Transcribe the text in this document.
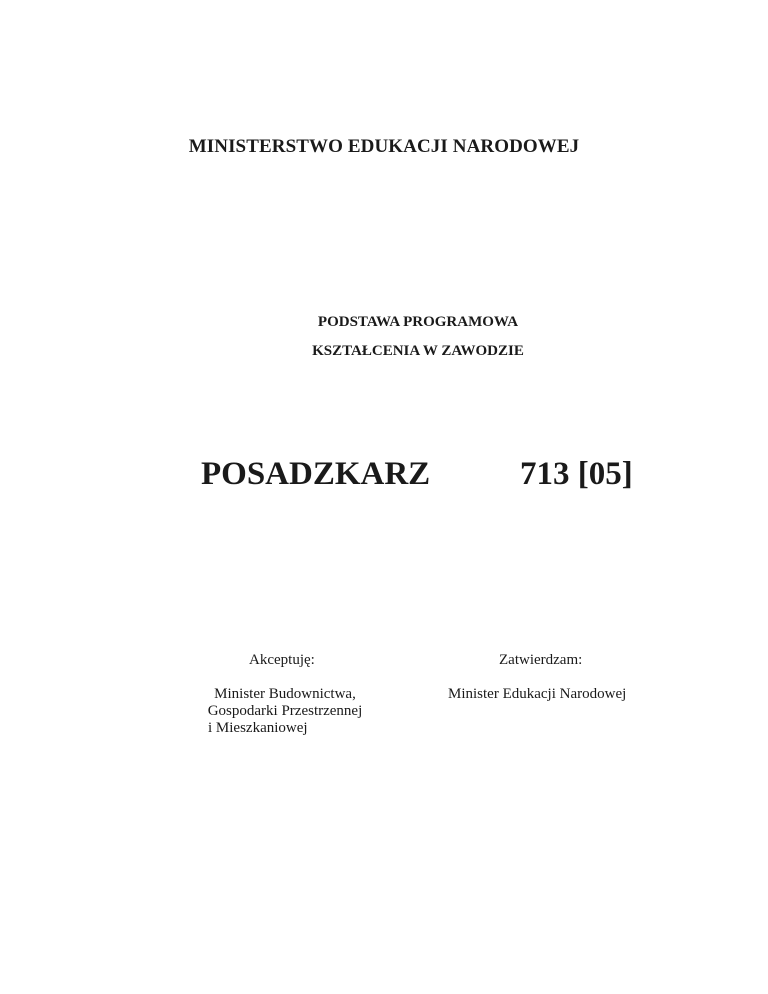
MINISTERSTWO EDUKACJI NARODOWEJ
PODSTAWA PROGRAMOWA
KSZTAŁCENIA W ZAWODZIE
POSADZKARZ	713 [05]
Akceptuję:	Zatwierdzam:
Minister Budownictwa,
Gospodarki Przestrzennej
i Mieszkaniowej
Minister Edukacji Narodowej
